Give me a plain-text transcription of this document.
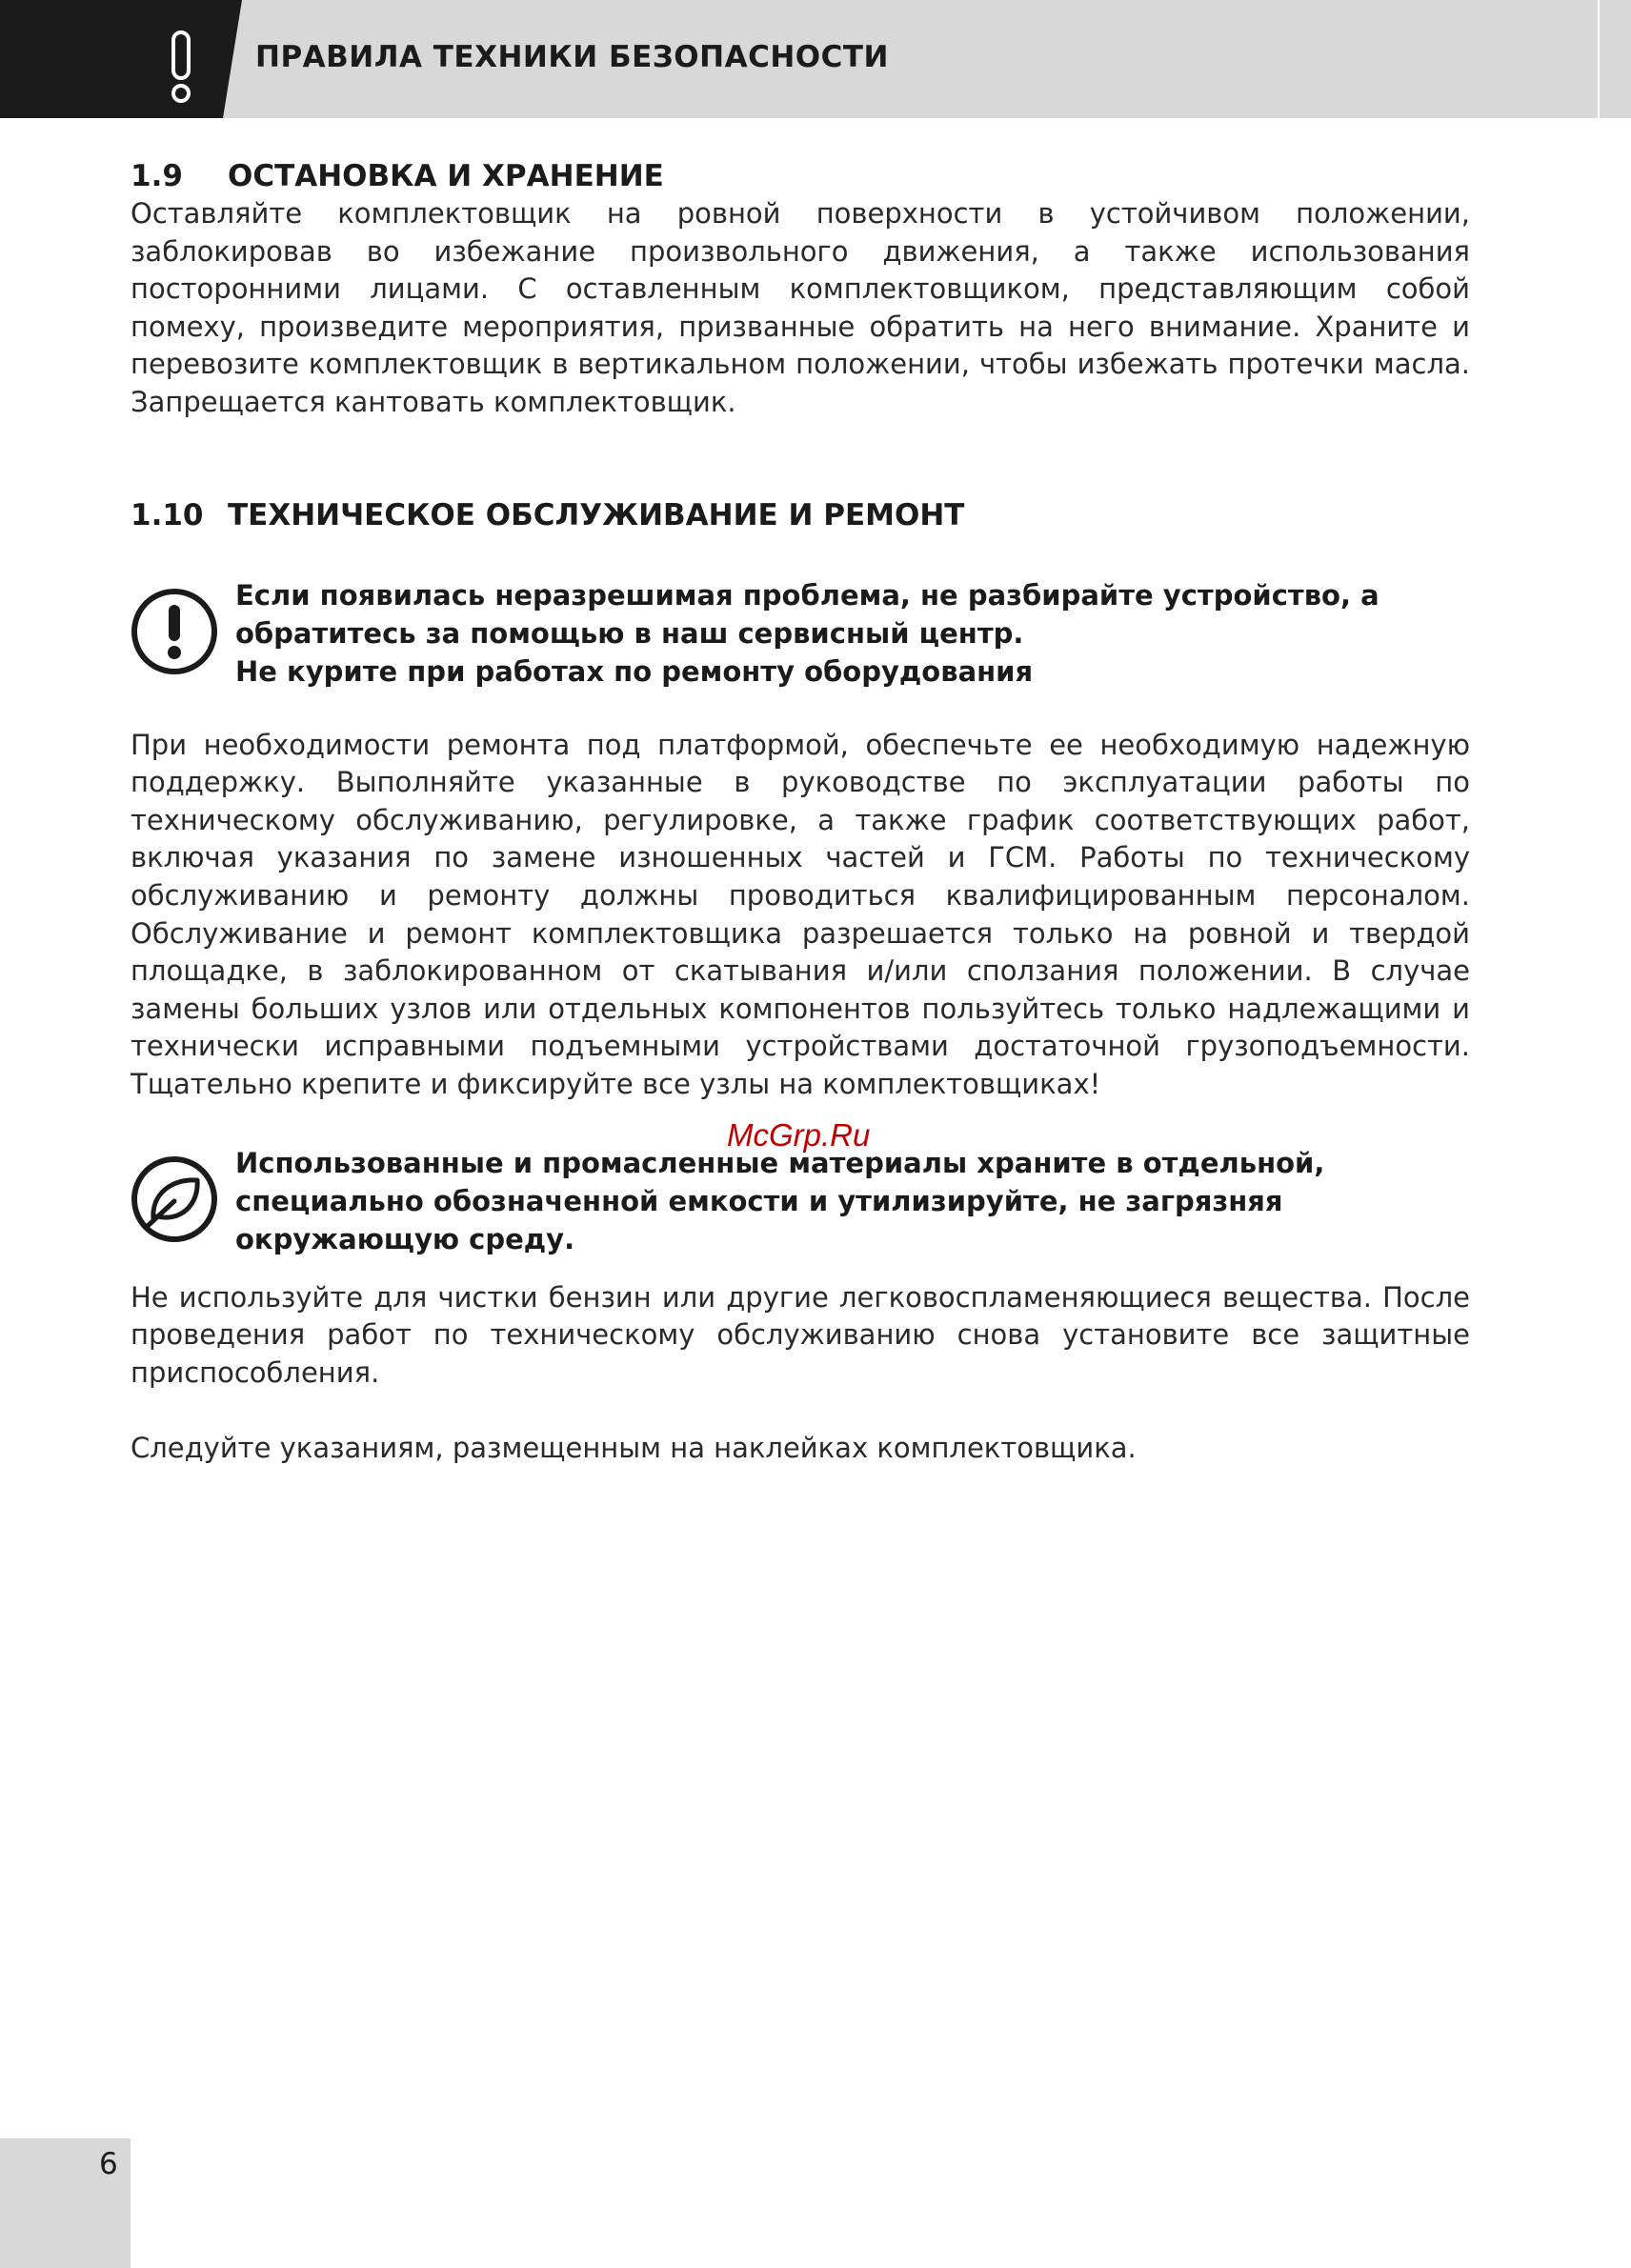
ПРАВИЛА ТЕХНИКИ БЕЗОПАСНОСТИ
1.9 ОСТАНОВКА И ХРАНЕНИЕ

Оставляйте комплектовщик на ровной поверхности в устойчивом положении, заблокировав во избежание произвольного движения, а также использования посторонними лицами. С оставленным комплектовщиком, представляющим собой помеху, произведите мероприятия, призванные обратить на него внимание. Храните и перевозите комплектовщик в вертикальном положении, чтобы избежать протечки масла. Запрещается кантовать комплектовщик.

1.10 ТЕХНИЧЕСКОЕ ОБСЛУЖИВАНИЕ И РЕМОНТ

Если появилась неразрешимая проблема, не разбирайте устройство, а обратитесь за помощью в наш сервисный центр.

Не курите при работах по ремонту оборудования

При необходимости ремонта под платформой, обеспечьте ее необходимую надежную поддержку. Выполняйте указанные в руководстве по эксплуатации работы по техническому обслуживанию, регулировке, а также график соответствующих работ, включая указания по замене изношенных частей и ГСМ. Работы по техническому обслуживанию и ремонту должны проводиться квалифицированным персоналом. Обслуживание и ремонт комплектовщика разрешается только на ровной и твердой площадке, в заблокированном от скатывания и/или сползания положении. В случае замены больших узлов или отдельных компонентов пользуйтесь только надлежащими и технически исправными подъемными устройствами достаточной грузоподъемности. Тщательно крепите и фиксируйте все узлы на комплектовщиках!

Использованные и промасленные материалы храните в отдельной, специально обозначенной емкости и утилизируйте, не загрязняя окружающую среду.

Не используйте для чистки бензин или другие легковоспламеняющиеся вещества. После проведения работ по техническому обслуживанию снова установите все защитные приспособления.

Следуйте указаниям, размещенным на наклейках комплектовщика.

McGrp.Ru
6
